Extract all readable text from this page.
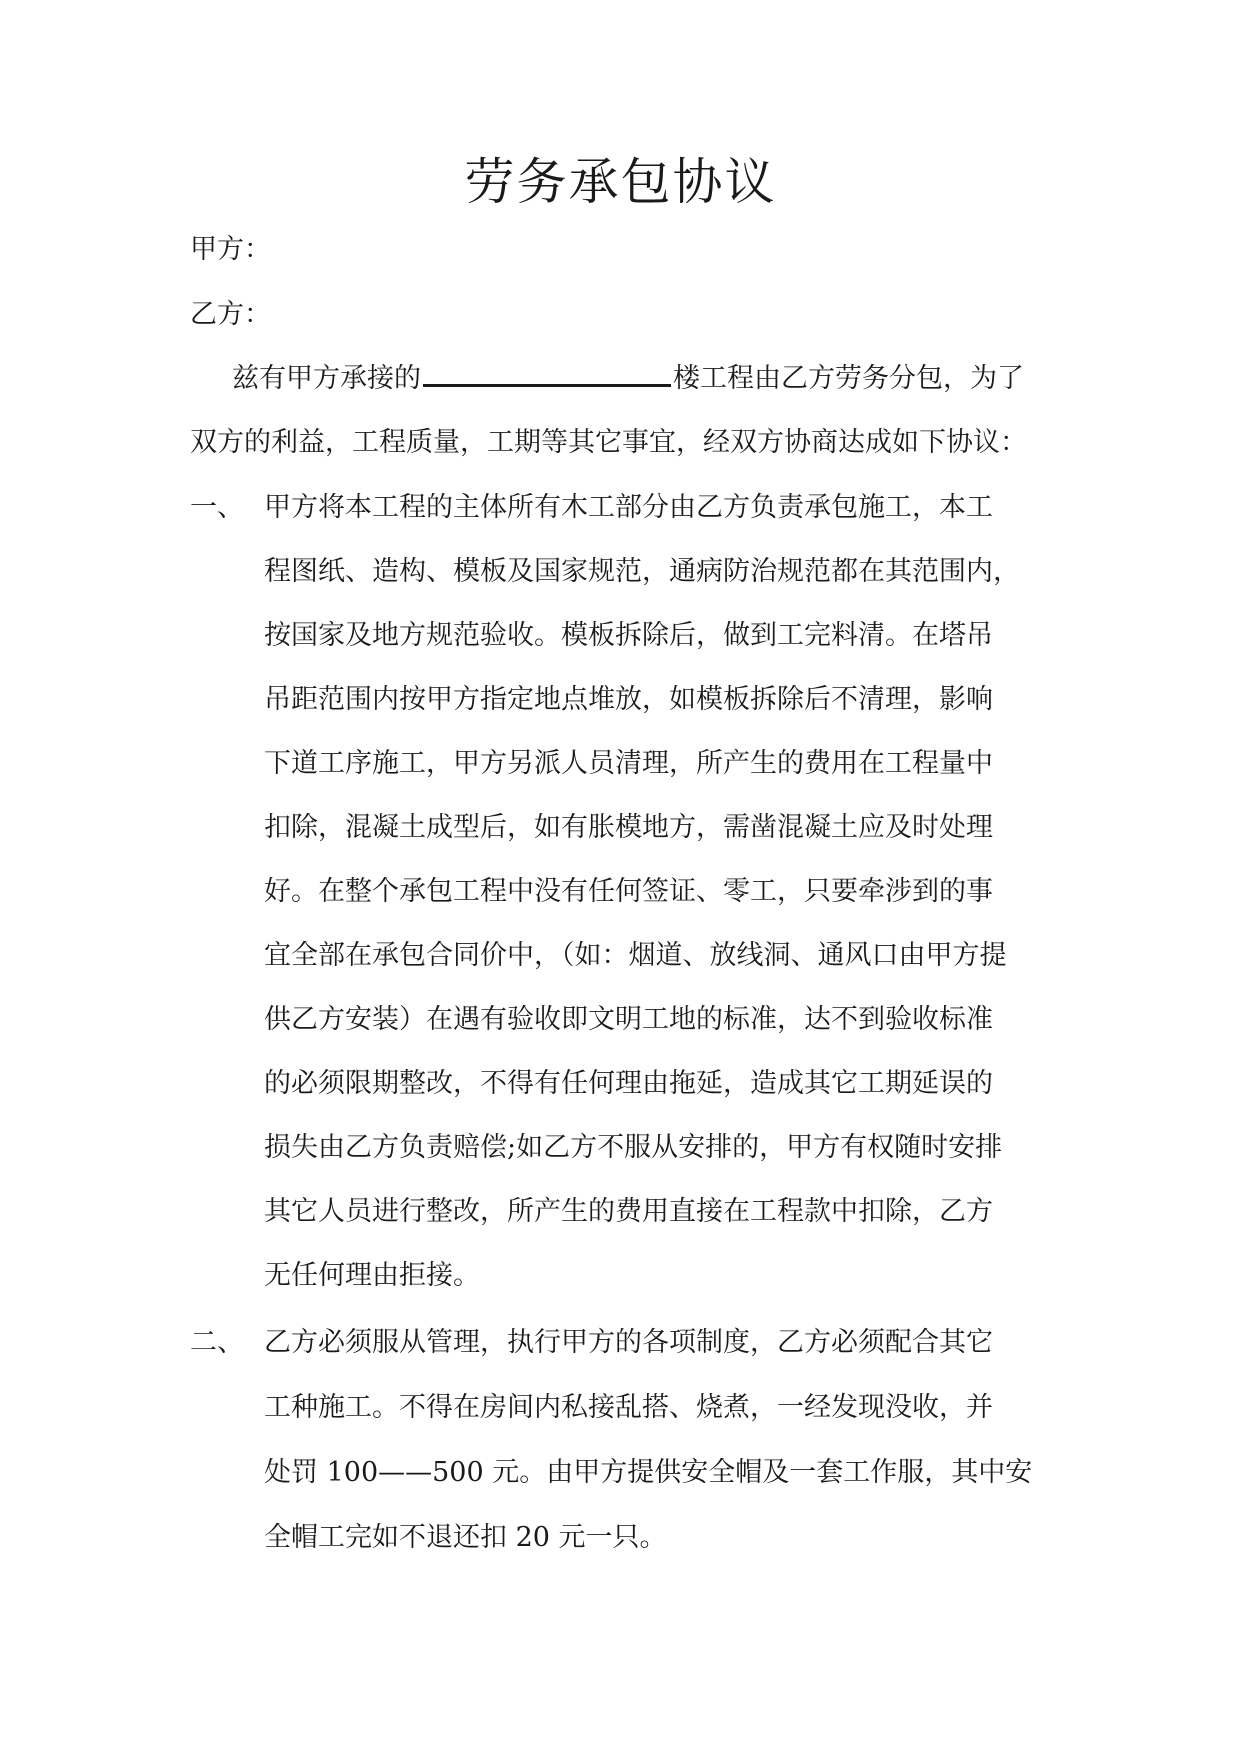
劳务承包协议

甲方：

乙方：

兹有甲方承接的	楼工程由乙方劳务分包，为了

双方的利益，工程质量，工期等其它事宜，经双方协商达成如下协议：

一、 甲方将本工程的主体所有木工部分由乙方负责承包施工，本工

程图纸、造构、模板及国家规范，通病防治规范都在其范围内，

按国家及地方规范验收。模板拆除后，做到工完料清。在塔吊

吊距范围内按甲方指定地点堆放，如模板拆除后不清理，影响

下道工序施工，甲方另派人员清理，所产生的费用在工程量中

扣除，混凝土成型后，如有胀模地方，需凿混凝土应及时处理

好。在整个承包工程中没有任何签证、零工，只要牵涉到的事

宜全部在承包合同价中，（如：烟道、放线洞、通风口由甲方提

供乙方安装）在遇有验收即文明工地的标准，达不到验收标准

的必须限期整改，不得有任何理由拖延，造成其它工期延误的

损失由乙方负责赔偿;如乙方不服从安排的，甲方有权随时安排

其它人员进行整改，所产生的费用直接在工程款中扣除，乙方

无任何理由拒接。

二、 乙方必须服从管理，执行甲方的各项制度，乙方必须配合其它

工种施工。不得在房间内私接乱搭、烧煮，一经发现没收，并

处罚 100——500 元。由甲方提供安全帽及一套工作服，其中安

全帽工完如不退还扣 20 元一只。
